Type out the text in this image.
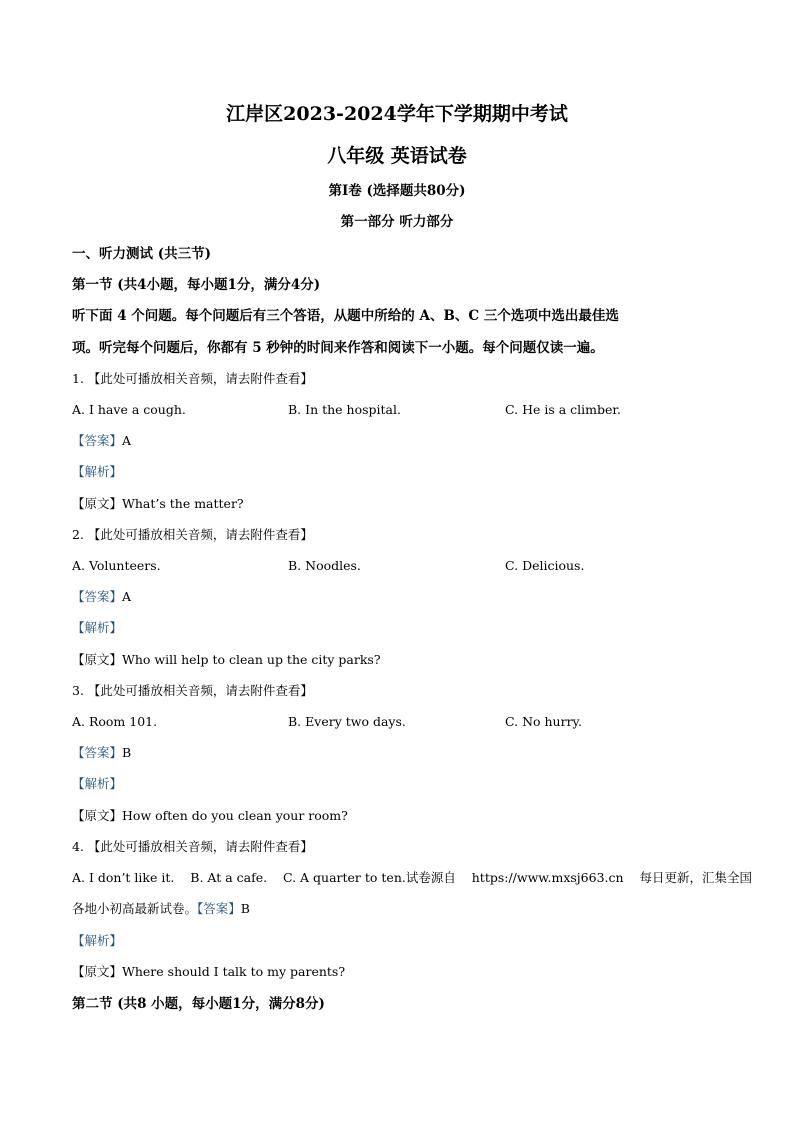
江岸区2023-2024学年下学期期中考试
八年级 英语试卷
第I卷 (选择题共80分)
第一部分 听力部分
一、听力测试 (共三节)
第一节 (共4小题，每小题1分，满分4分)
听下面 4 个问题。每个问题后有三个答语，从题中所给的 A、B、C 三个选项中选出最佳选
项。听完每个问题后，你都有 5 秒钟的时间来作答和阅读下一小题。每个问题仅读一遍。
1. 【此处可播放相关音频，请去附件查看】
A. I have a cough.	B. In the hospital.	C. He is a climber.
【答案】A
【解析】
【原文】What’s the matter?
2. 【此处可播放相关音频，请去附件查看】
A. Volunteers.	B. Noodles.	C. Delicious.
【答案】A
【解析】
【原文】Who will help to clean up the city parks?
3. 【此处可播放相关音频，请去附件查看】
A. Room 101.	B. Every two days.	C. No hurry.
【答案】B
【解析】
【原文】How often do you clean your room?
4. 【此处可播放相关音频，请去附件查看】
A. I don’t like it.    B. At a cafe.    C. A quarter to ten.试卷源自    https://www.mxsj663.cn    每日更新，汇集全国
各地小初高最新试卷。【答案】B
【解析】
【原文】Where should I talk to my parents?
第二节 (共8 小题，每小题1分，满分8分)
